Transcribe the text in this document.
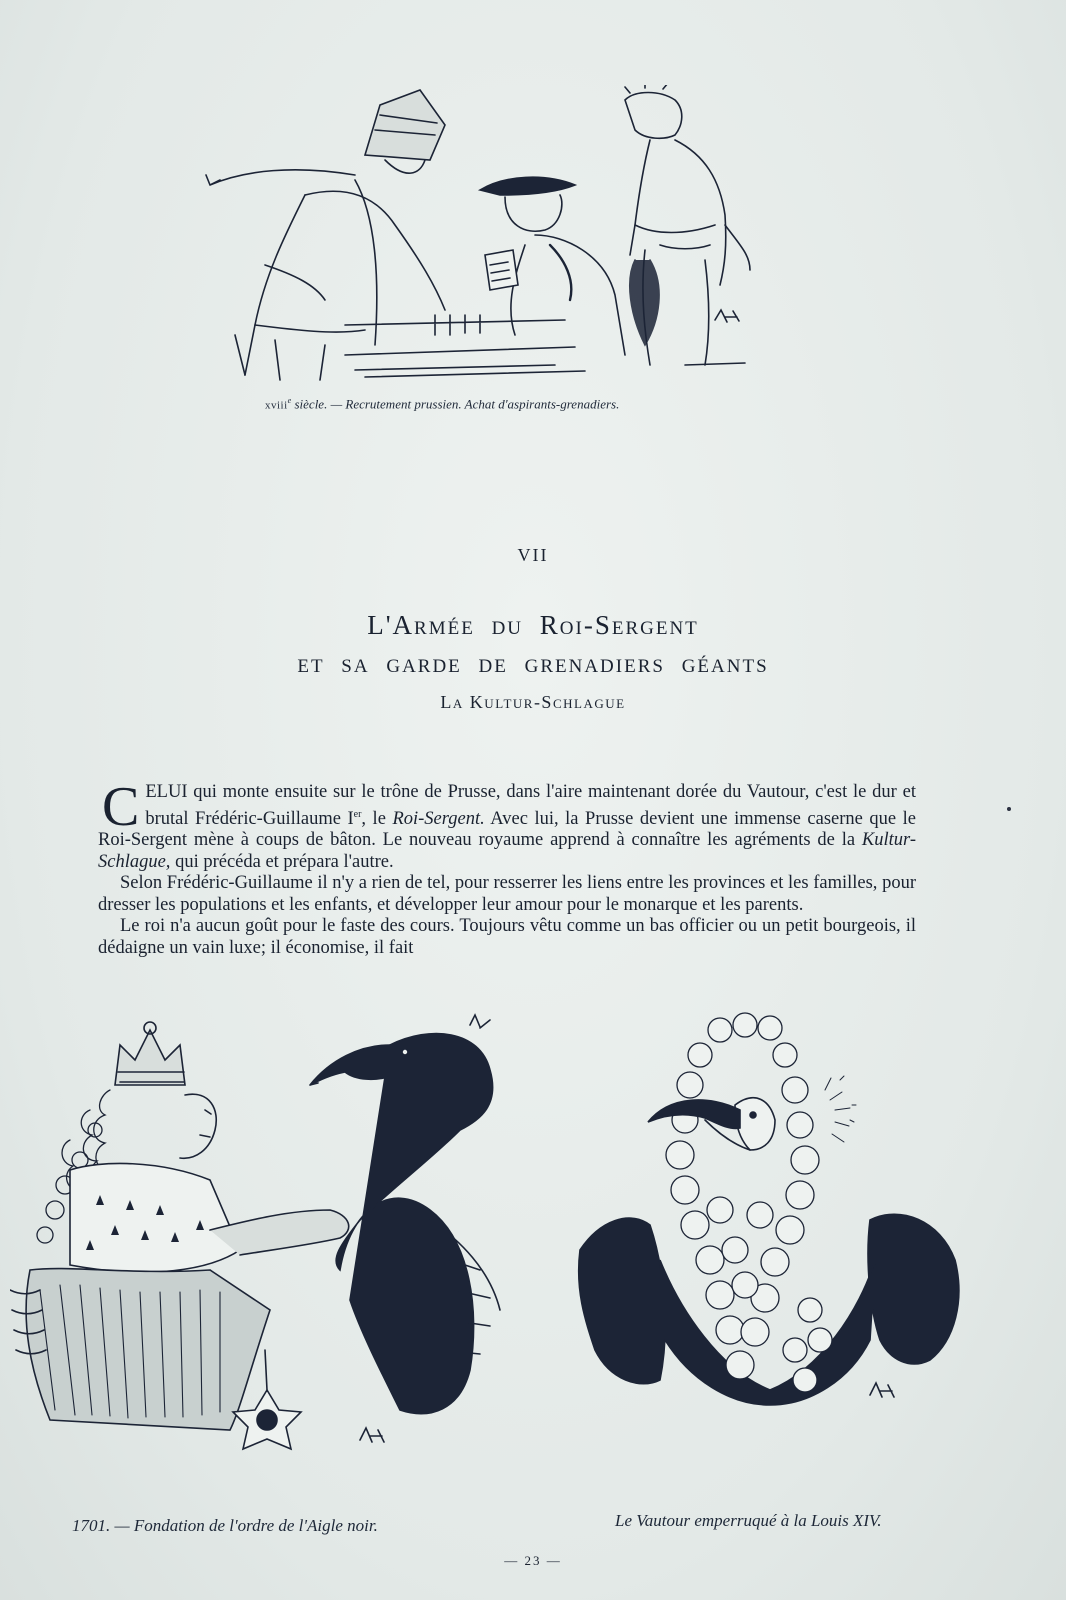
xviii$^e$ siècle. — Recrutement prussien. Achat d'aspirants-grenadiers.
VII
L'Armée du Roi-Sergent
et sa garde de grenadiers géants
La Kultur-Schlague

CELUI qui monte ensuite sur le trône de Prusse, dans l'aire maintenant dorée du Vautour, c'est le dur et brutal Frédéric-Guillaume Ier, le Roi-Sergent. Avec lui, la Prusse devient une immense caserne que le Roi-Sergent mène à coups de bâton. Le nouveau royaume apprend à connaître les agréments de la Kultur-Schlague, qui précéda et prépara l'autre.

Selon Frédéric-Guillaume il n'y a rien de tel, pour resserrer les liens entre les provinces et les familles, pour dresser les populations et les enfants, et développer leur amour pour le monarque et les parents.

Le roi n'a aucun goût pour le faste des cours. Toujours vêtu comme un bas officier ou un petit bourgeois, il dédaigne un vain luxe; il économise, il fait

1701. — Fondation de l'ordre de l'Aigle noir.	Le Vautour emperruqué à la Louis XIV.
— 23 —
